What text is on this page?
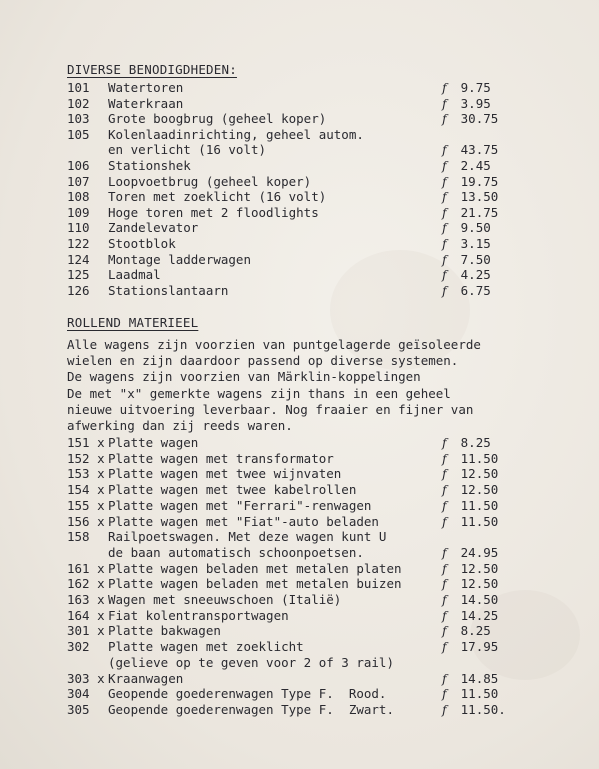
DIVERSE BENODIGDHEDEN:
101 Watertoren	f 9.75
102 Waterkraan	f 3.95
103 Grote boogbrug (geheel koper)	f 30.75
105 Kolenlaadinrichting, geheel autom.
en verlicht (16 volt)	f 43.75
106 Stationshek	f 2.45
107 Loopvoetbrug (geheel koper)	f 19.75
108 Toren met zoeklicht (16 volt)	f 13.50
109 Hoge toren met 2 floodlights	f 21.75
110 Zandelevator	f 9.50
122 Stootblok	f 3.15
124 Montage ladderwagen	f 7.50
125 Laadmal	f 4.25
126 Stationslantaarn	f 6.75
ROLLEND MATERIEEL
Alle wagens zijn voorzien van puntgelagerde geïsoleerde
wielen en zijn daardoor passend op diverse systemen.
De wagens zijn voorzien van Märklin-koppelingen
De met "x" gemerkte wagens zijn thans in een geheel
nieuwe uitvoering leverbaar. Nog fraaier en fijner van
afwerking dan zij reeds waren.
151 x Platte wagen	f 8.25
152 x Platte wagen met transformator	f 11.50
153 x Platte wagen met twee wijnvaten	f 12.50
154 x Platte wagen met twee kabelrollen	f 12.50
155 x Platte wagen met "Ferrari"-renwagen	f 11.50
156 x Platte wagen met "Fiat"-auto beladen	f 11.50
158 Railpoetswagen. Met deze wagen kunt U
de baan automatisch schoonpoetsen.	f 24.95
161 x Platte wagen beladen met metalen platen	f 12.50
162 x Platte wagen beladen met metalen buizen	f 12.50
163 x Wagen met sneeuwschoen (Italië)	f 14.50
164 x Fiat kolentransportwagen	f 14.25
301 x Platte bakwagen	f 8.25
302 Platte wagen met zoeklicht	f 17.95
(gelieve op te geven voor 2 of 3 rail)
303 x Kraanwagen	f 14.85
304 Geopende goederenwagen Type F.  Rood.	f 11.50
305 Geopende goederenwagen Type F.  Zwart.	f 11.50.
